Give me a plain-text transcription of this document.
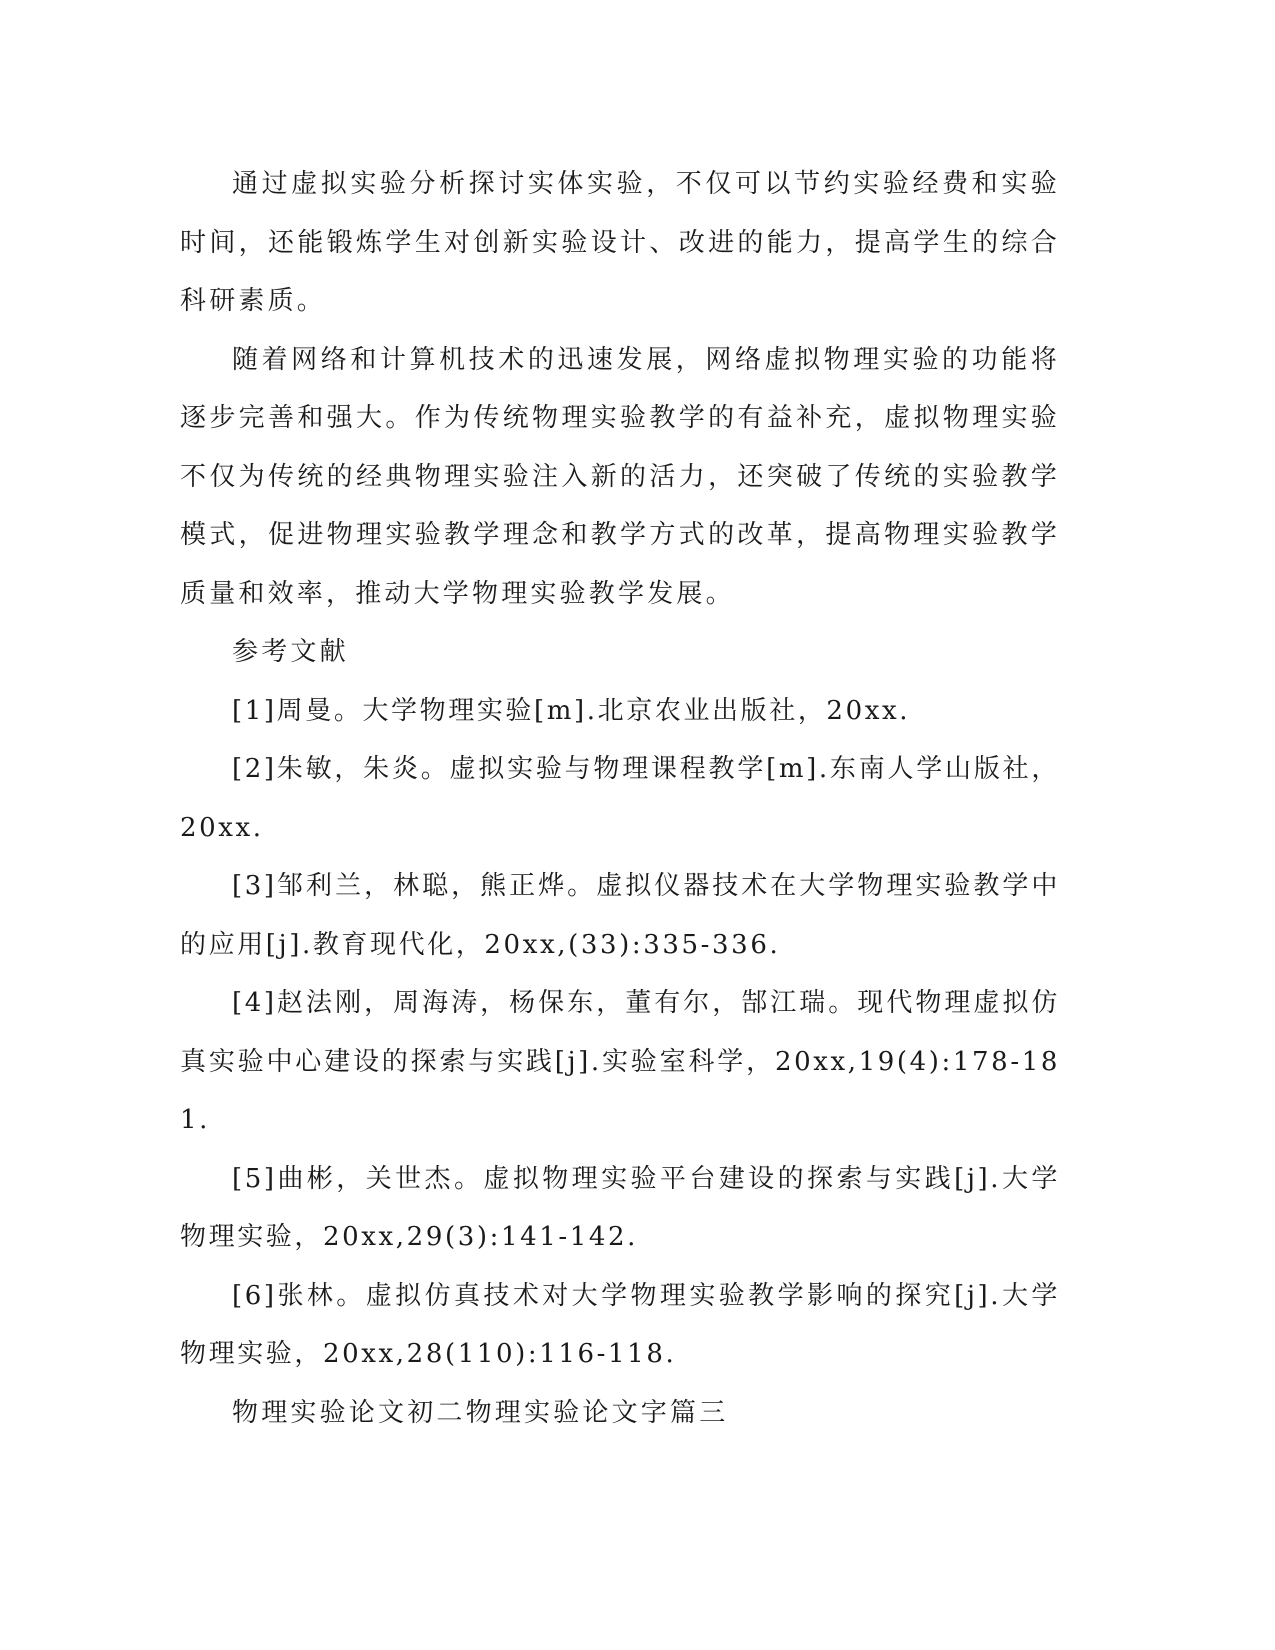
通过虚拟实验分析探讨实体实验，不仅可以节约实验经费和实验时间，还能锻炼学生对创新实验设计、改进的能力，提高学生的综合科研素质。

随着网络和计算机技术的迅速发展，网络虚拟物理实验的功能将逐步完善和强大。作为传统物理实验教学的有益补充，虚拟物理实验不仅为传统的经典物理实验注入新的活力，还突破了传统的实验教学模式，促进物理实验教学理念和教学方式的改革，提高物理实验教学质量和效率，推动大学物理实验教学发展。

参考文献

[1]周曼。大学物理实验[m].北京农业出版社，20xx.

[2]朱敏，朱炎。虚拟实验与物理课程教学[m].东南人学山版社，20xx.

[3]邹利兰，林聪，熊正烨。虚拟仪器技术在大学物理实验教学中的应用[j].教育现代化，20xx,(33):335-336.

[4]赵法刚，周海涛，杨保东，董有尔，郜江瑞。现代物理虚拟仿真实验中心建设的探索与实践[j].实验室科学，20xx,19(4):178-181.

[5]曲彬，关世杰。虚拟物理实验平台建设的探索与实践[j].大学物理实验，20xx,29(3):141-142.

[6]张林。虚拟仿真技术对大学物理实验教学影响的探究[j].大学物理实验，20xx,28(110):116-118.

物理实验论文初二物理实验论文字篇三
